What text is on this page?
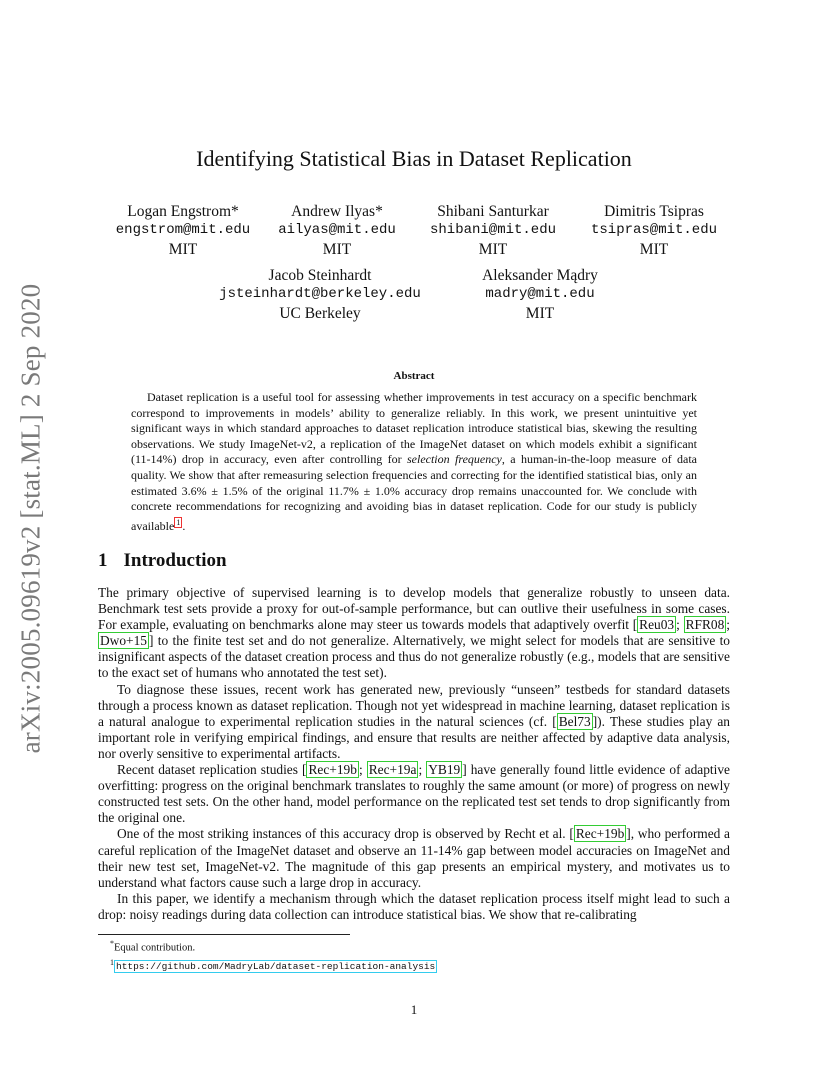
arXiv:2005.09619v2 [stat.ML] 2 Sep 2020
Identifying Statistical Bias in Dataset Replication
Logan Engstrom*
engstrom@mit.edu
MIT
Andrew Ilyas*
ailyas@mit.edu
MIT
Shibani Santurkar
shibani@mit.edu
MIT
Dimitris Tsipras
tsipras@mit.edu
MIT
Jacob Steinhardt
jsteinhardt@berkeley.edu
UC Berkeley
Aleksander Mądry
madry@mit.edu
MIT
Abstract
Dataset replication is a useful tool for assessing whether improvements in test accuracy on a specific benchmark correspond to improvements in models’ ability to generalize reliably. In this work, we present unintuitive yet significant ways in which standard approaches to dataset replication introduce statistical bias, skewing the resulting observations. We study ImageNet-v2, a replication of the ImageNet dataset on which models exhibit a significant (11-14%) drop in accuracy, even after controlling for selection frequency, a human-in-the-loop measure of data quality. We show that after remeasuring selection frequencies and correcting for the identified statistical bias, only an estimated 3.6% ± 1.5% of the original 11.7% ± 1.0% accuracy drop remains unaccounted for. We conclude with concrete recommendations for recognizing and avoiding bias in dataset replication. Code for our study is publicly available $^1$ .
1 Introduction

The primary objective of supervised learning is to develop models that generalize robustly to unseen data. Benchmark test sets provide a proxy for out-of-sample performance, but can outlive their usefulness in some cases. For example, evaluating on benchmarks alone may steer us towards models that adaptively overfit [ Reu03 ; RFR08 ; Dwo+15 ] to the finite test set and do not generalize. Alternatively, we might select for models that are sensitive to insignificant aspects of the dataset creation process and thus do not generalize robustly (e.g., models that are sensitive to the exact set of humans who annotated the test set).

To diagnose these issues, recent work has generated new, previously “unseen” testbeds for standard datasets through a process known as dataset replication. Though not yet widespread in machine learning, dataset replication is a natural analogue to experimental replication studies in the natural sciences (cf. [ Bel73 ]). These studies play an important role in verifying empirical findings, and ensure that results are neither affected by adaptive data analysis, nor overly sensitive to experimental artifacts.

Recent dataset replication studies [ Rec+19b ; Rec+19a ; YB19 ] have generally found little evidence of adaptive overfitting: progress on the original benchmark translates to roughly the same amount (or more) of progress on newly constructed test sets. On the other hand, model performance on the replicated test set tends to drop significantly from the original one.

One of the most striking instances of this accuracy drop is observed by Recht et al. [ Rec+19b ], who performed a careful replication of the ImageNet dataset and observe an 11-14% gap between model accuracies on ImageNet and their new test set, ImageNet-v2. The magnitude of this gap presents an empirical mystery, and motivates us to understand what factors cause such a large drop in accuracy.

In this paper, we identify a mechanism through which the dataset replication process itself might lead to such a drop: noisy readings during data collection can introduce statistical bias. We show that re-calibrating

*Equal contribution.
$^1$ https://github.com/MadryLab/dataset-replication-analysis
1
